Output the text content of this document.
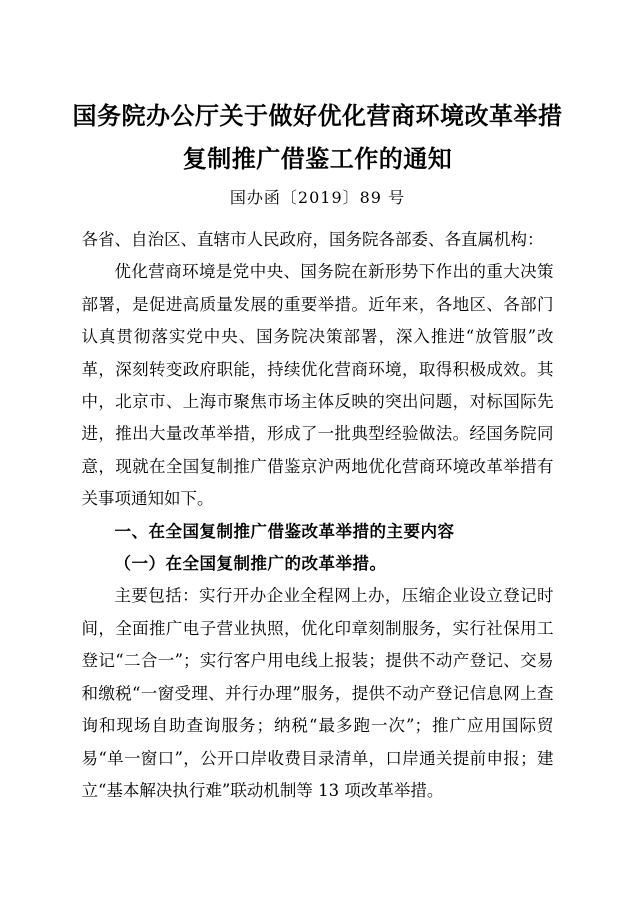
国务院办公厅关于做好优化营商环境改革举措
复制推广借鉴工作的通知
国办函〔2019〕89 号

各省、自治区、直辖市人民政府，国务院各部委、各直属机构：

优化营商环境是党中央、国务院在新形势下作出的重大决策部署，是促进高质量发展的重要举措。近年来，各地区、各部门认真贯彻落实党中央、国务院决策部署，深入推进“放管服”改革，深刻转变政府职能，持续优化营商环境，取得积极成效。其中，北京市、上海市聚焦市场主体反映的突出问题，对标国际先进，推出大量改革举措，形成了一批典型经验做法。经国务院同意，现就在全国复制推广借鉴京沪两地优化营商环境改革举措有关事项通知如下。

一、在全国复制推广借鉴改革举措的主要内容

（一）在全国复制推广的改革举措。

主要包括：实行开办企业全程网上办，压缩企业设立登记时间，全面推广电子营业执照，优化印章刻制服务，实行社保用工登记“二合一”；实行客户用电线上报装；提供不动产登记、交易和缴税“一窗受理、并行办理”服务，提供不动产登记信息网上查询和现场自助查询服务；纳税“最多跑一次”；推广应用国际贸易“单一窗口”，公开口岸收费目录清单，口岸通关提前申报；建立“基本解决执行难”联动机制等 13 项改革举措。
